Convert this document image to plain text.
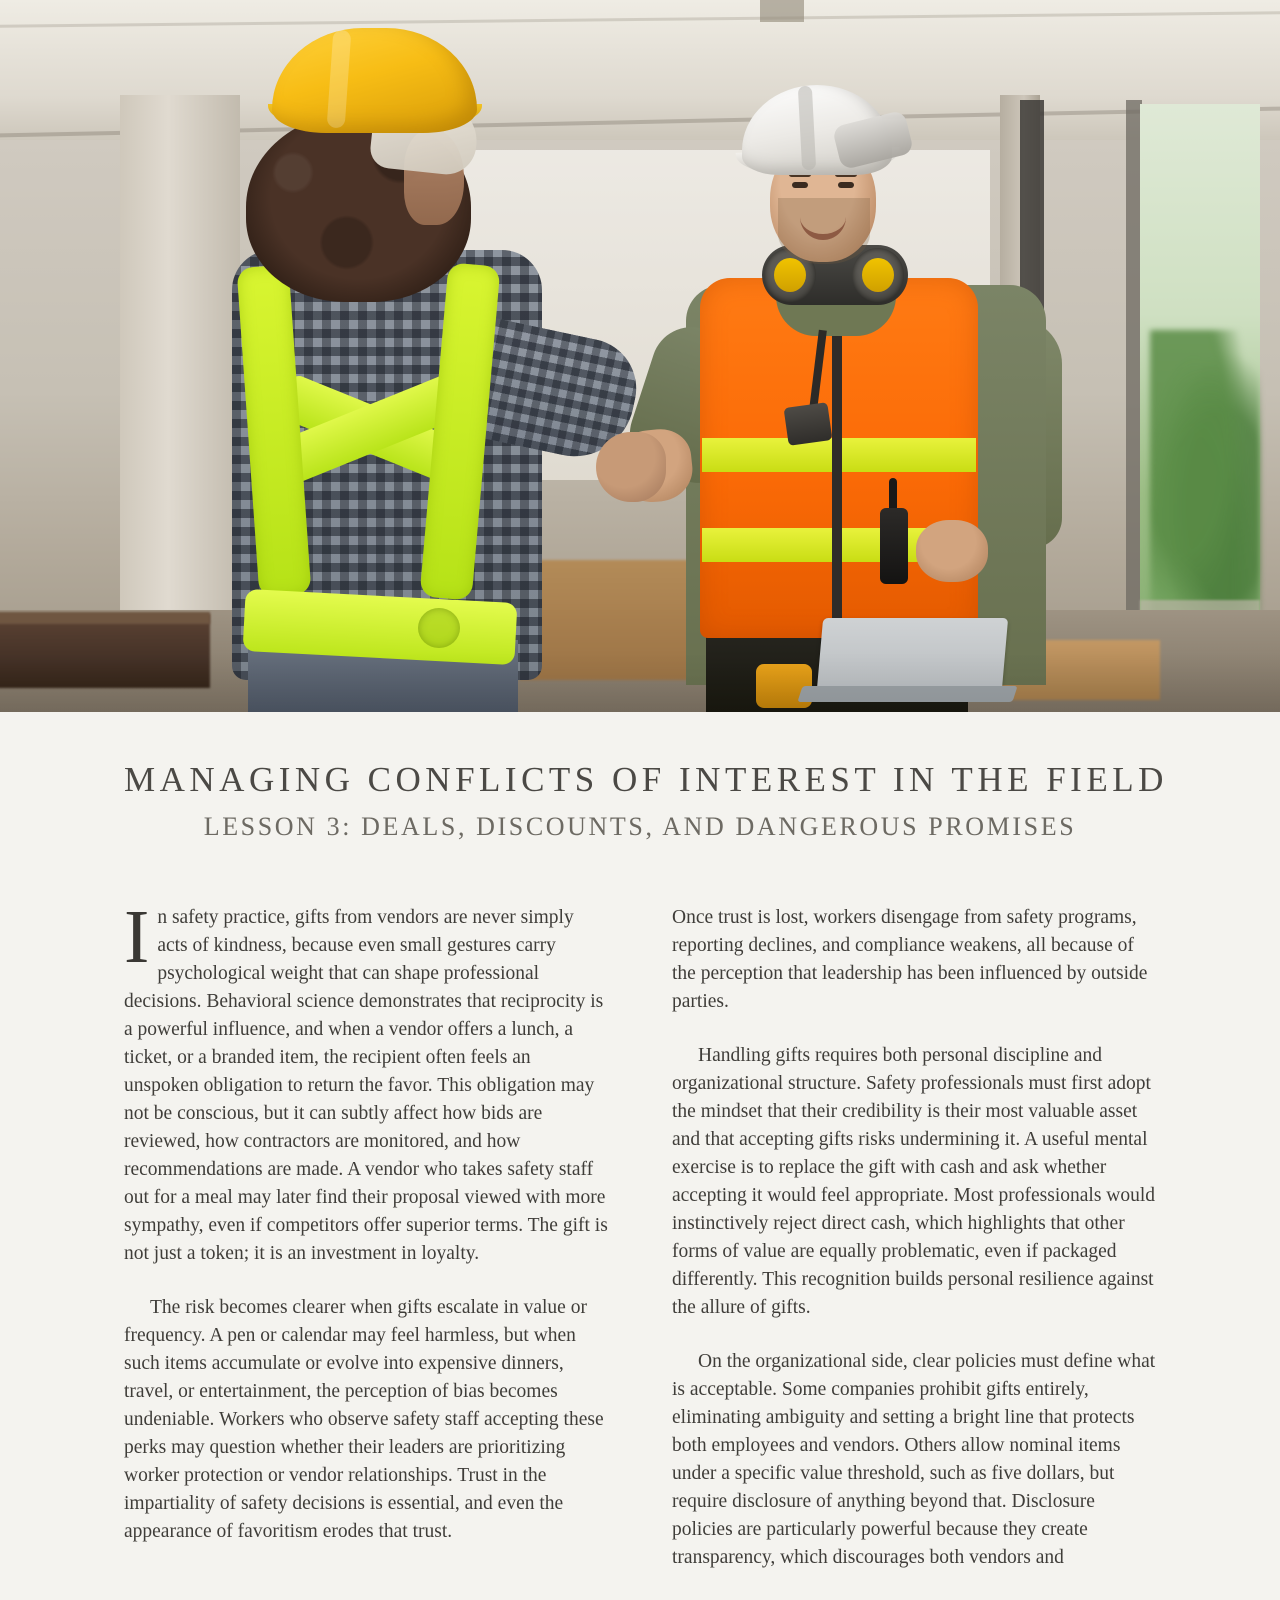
MANAGING CONFLICTS OF INTEREST IN THE FIELD
LESSON 3: DEALS, DISCOUNTS, AND DANGEROUS PROMISES

In safety practice, gifts from vendors are never simply acts of kindness, because even small gestures carry psychological weight that can shape professional decisions. Behavioral science demonstrates that reciprocity is a powerful influence, and when a vendor offers a lunch, a ticket, or a branded item, the recipient often feels an unspoken obligation to return the favor. This obligation may not be conscious, but it can subtly affect how bids are reviewed, how contractors are monitored, and how recommendations are made. A vendor who takes safety staff out for a meal may later find their proposal viewed with more sympathy, even if competitors offer superior terms. The gift is not just a token; it is an investment in loyalty.

The risk becomes clearer when gifts escalate in value or frequency. A pen or calendar may feel harmless, but when such items accumulate or evolve into expensive dinners, travel, or entertainment, the perception of bias becomes undeniable. Workers who observe safety staff accepting these perks may question whether their leaders are prioritizing worker protection or vendor relationships. Trust in the impartiality of safety decisions is essential, and even the appearance of favoritism erodes that trust.

Once trust is lost, workers disengage from safety programs, reporting declines, and compliance weakens, all because of the perception that leadership has been influenced by outside parties.

Handling gifts requires both personal discipline and organizational structure. Safety professionals must first adopt the mindset that their credibility is their most valuable asset and that accepting gifts risks undermining it. A useful mental exercise is to replace the gift with cash and ask whether accepting it would feel appropriate. Most professionals would instinctively reject direct cash, which highlights that other forms of value are equally problematic, even if packaged differently. This recognition builds personal resilience against the allure of gifts.

On the organizational side, clear policies must define what is acceptable. Some companies prohibit gifts entirely, eliminating ambiguity and setting a bright line that protects both employees and vendors. Others allow nominal items under a specific value threshold, such as five dollars, but require disclosure of anything beyond that. Disclosure policies are particularly powerful because they create transparency, which discourages both vendors and
